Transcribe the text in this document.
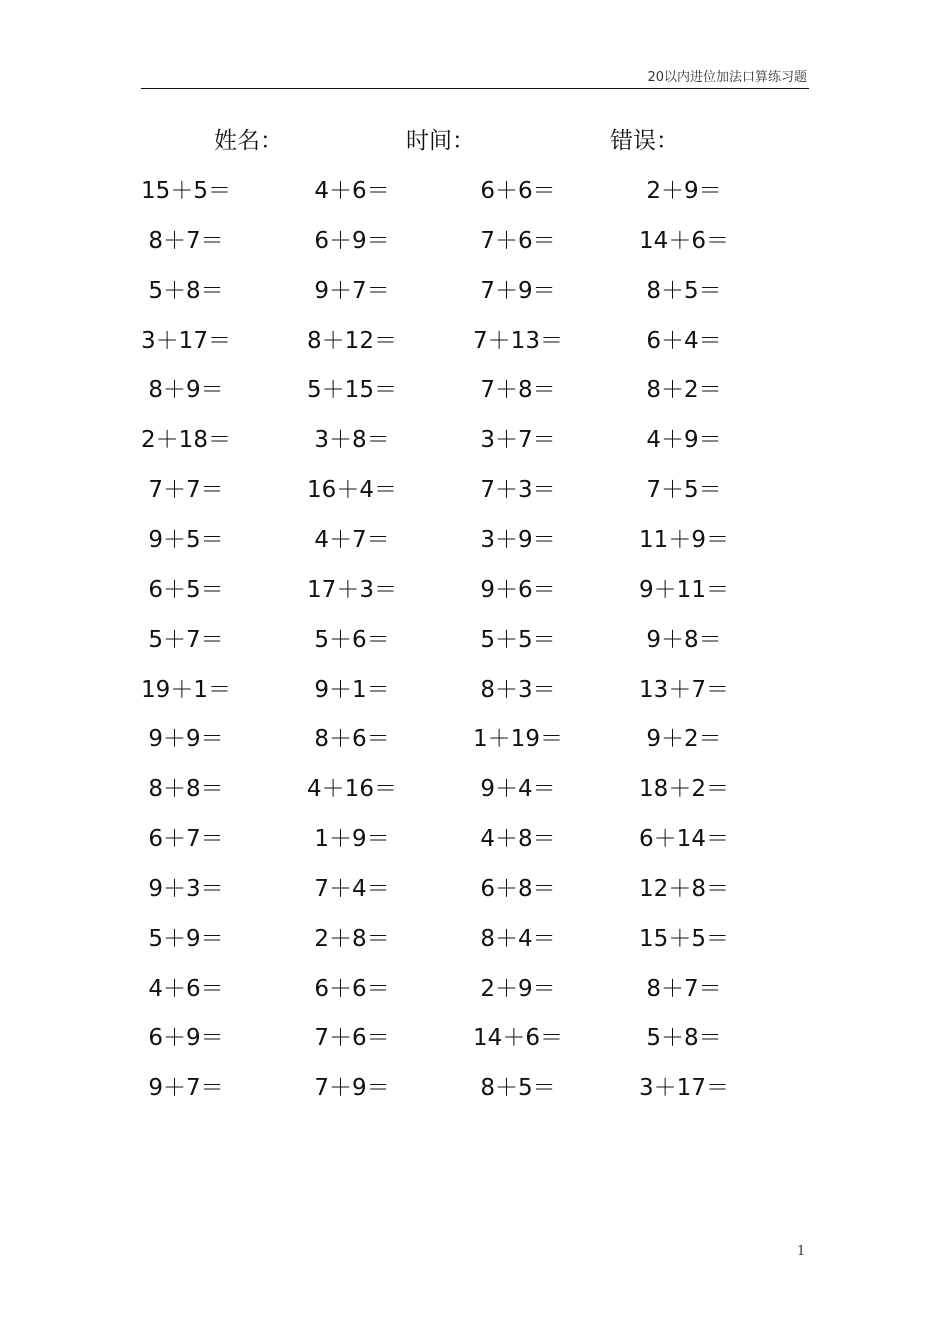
20以内进位加法口算练习题
姓名：	时间：	错误：
15＋5＝	4＋6＝	6＋6＝	2＋9＝
8＋7＝	6＋9＝	7＋6＝	14＋6＝
5＋8＝	9＋7＝	7＋9＝	8＋5＝
3＋17＝	8＋12＝	7＋13＝	6＋4＝
8＋9＝	5＋15＝	7＋8＝	8＋2＝
2＋18＝	3＋8＝	3＋7＝	4＋9＝
7＋7＝	16＋4＝	7＋3＝	7＋5＝
9＋5＝	4＋7＝	3＋9＝	11＋9＝
6＋5＝	17＋3＝	9＋6＝	9＋11＝
5＋7＝	5＋6＝	5＋5＝	9＋8＝
19＋1＝	9＋1＝	8＋3＝	13＋7＝
9＋9＝	8＋6＝	1＋19＝	9＋2＝
8＋8＝	4＋16＝	9＋4＝	18＋2＝
6＋7＝	1＋9＝	4＋8＝	6＋14＝
9＋3＝	7＋4＝	6＋8＝	12＋8＝
5＋9＝	2＋8＝	8＋4＝	15＋5＝
4＋6＝	6＋6＝	2＋9＝	8＋7＝
6＋9＝	7＋6＝	14＋6＝	5＋8＝
9＋7＝	7＋9＝	8＋5＝	3＋17＝
1
